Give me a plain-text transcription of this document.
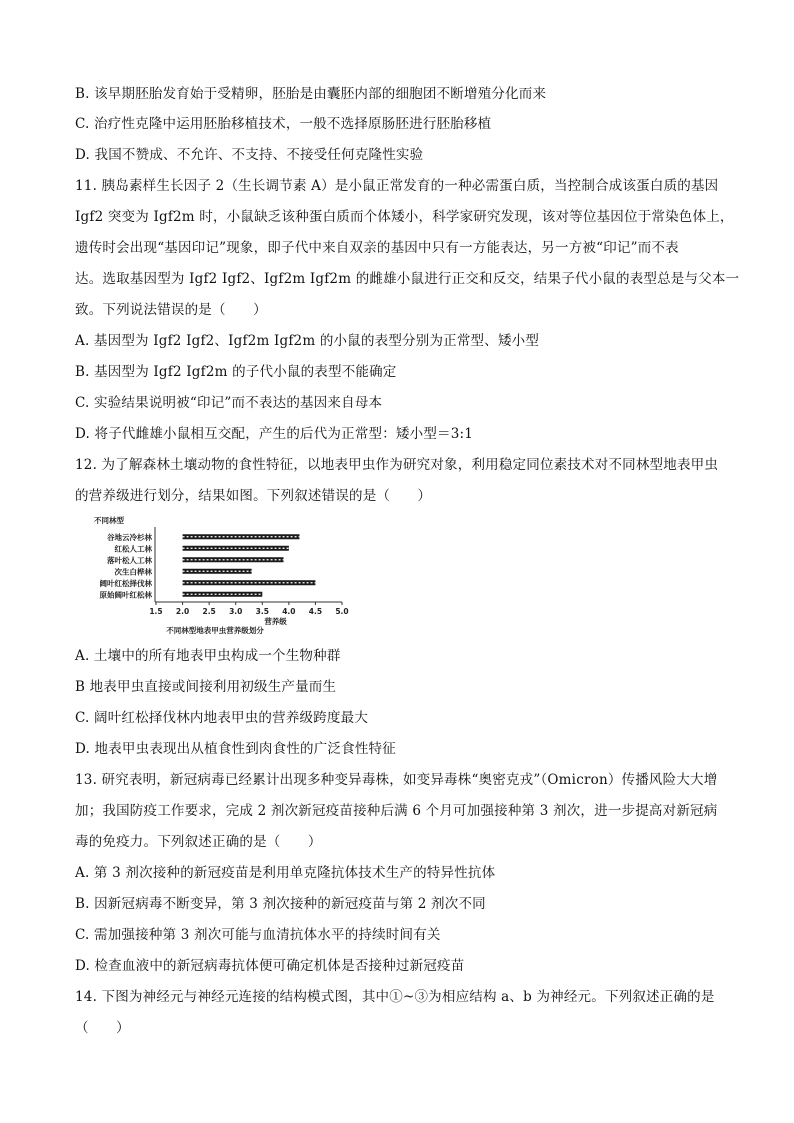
B. 该早期胚胎发育始于受精卵，胚胎是由囊胚内部的细胞团不断增殖分化而来
C. 治疗性克隆中运用胚胎移植技术，一般不选择原肠胚进行胚胎移植
D. 我国不赞成、不允许、不支持、不接受任何克隆性实验
11. 胰岛素样生长因子 2（生长调节素 A）是小鼠正常发育的一种必需蛋白质，当控制合成该蛋白质的基因
Igf2 突变为 Igf2m 时，小鼠缺乏该种蛋白质而个体矮小，科学家研究发现，该对等位基因位于常染色体上，
遗传时会出现“基因印记”现象，即子代中来自双亲的基因中只有一方能表达，另一方被“印记”而不表
达。选取基因型为 Igf2 Igf2、Igf2m Igf2m 的雌雄小鼠进行正交和反交，结果子代小鼠的表型总是与父本一
致。下列说法错误的是（　　）
A. 基因型为 Igf2 Igf2、Igf2m Igf2m 的小鼠的表型分别为正常型、矮小型
B. 基因型为 Igf2 Igf2m 的子代小鼠的表型不能确定
C. 实验结果说明被“印记”而不表达的基因来自母本
D. 将子代雌雄小鼠相互交配，产生的后代为正常型：矮小型＝3:1
12. 为了解森林土壤动物的食性特征，以地表甲虫作为研究对象，利用稳定同位素技术对不同林型地表甲虫
的营养级进行划分，结果如图。下列叙述错误的是（　　）
A. 土壤中的所有地表甲虫构成一个生物种群
B 地表甲虫直接或间接利用初级生产量而生
C. 阔叶红松择伐林内地表甲虫的营养级跨度最大
D. 地表甲虫表现出从植食性到肉食性的广泛食性特征
13. 研究表明，新冠病毒已经累计出现多种变异毒株，如变异毒株“奥密克戎”（Omicron）传播风险大大增
加；我国防疫工作要求，完成 2 剂次新冠疫苗接种后满 6 个月可加强接种第 3 剂次，进一步提高对新冠病
毒的免疫力。下列叙述正确的是（　　）
A. 第 3 剂次接种的新冠疫苗是利用单克隆抗体技术生产的特异性抗体
B. 因新冠病毒不断变异，第 3 剂次接种的新冠疫苗与第 2 剂次不同
C. 需加强接种第 3 剂次可能与血清抗体水平的持续时间有关
D. 检查血液中的新冠病毒抗体便可确定机体是否接种过新冠疫苗
14. 下图为神经元与神经元连接的结构模式图，其中①~③为相应结构 a、b 为神经元。下列叙述正确的是
（　　）
不同林型
谷地云冷杉林
红松人工林
落叶松人工林
次生白桦林
阔叶红松择伐林
原始阔叶红松林
1.5 2.0 2.5 3.0 3.5 4.0 4.5 5.0
营养级
不同林型地表甲虫营养级划分
